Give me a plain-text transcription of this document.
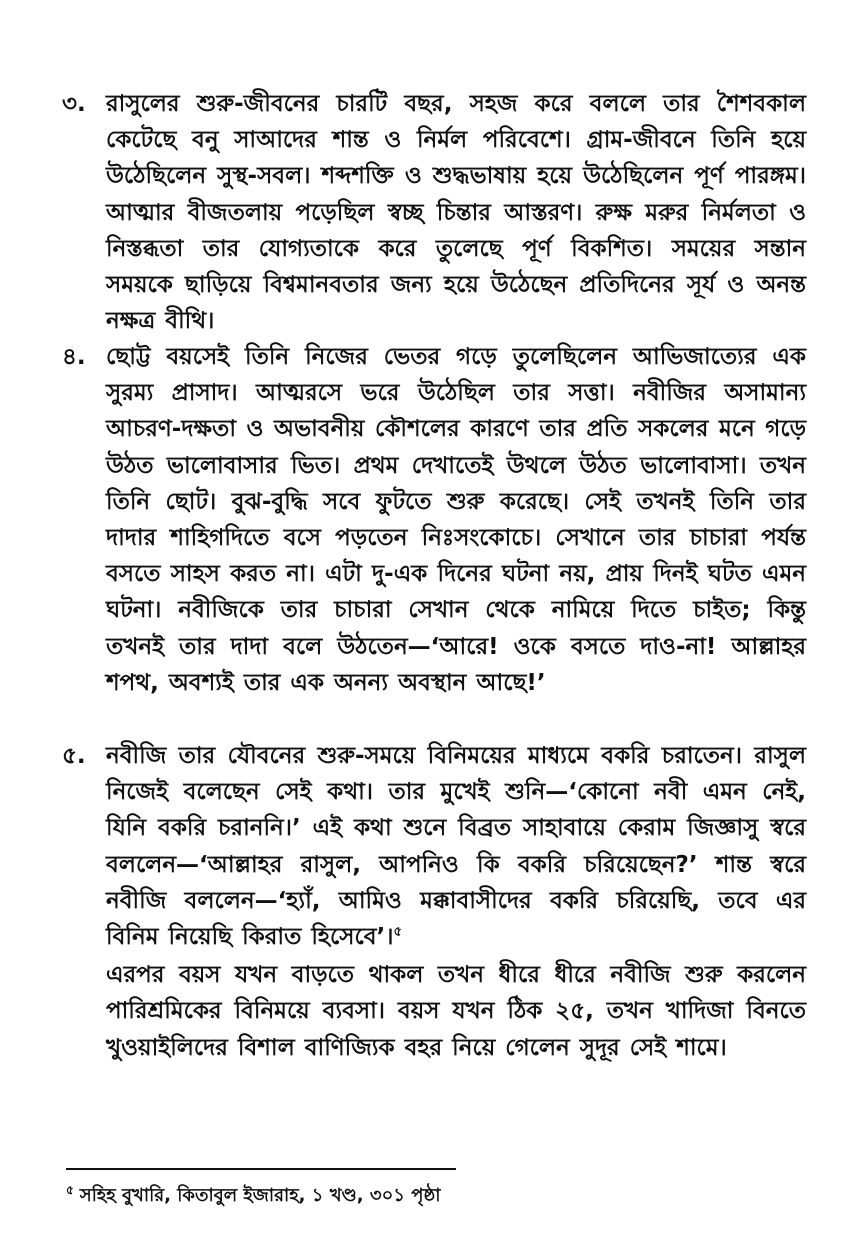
৩. রাসুলের শুরু-জীবনের চারটি বছর, সহজ করে বললে তার শৈশবকাল কেটেছে বনু সাআদের শান্ত ও নির্মল পরিবেশে। গ্রাম-জীবনে তিনি হয়ে উঠেছিলেন সুস্থ-সবল। শব্দশক্তি ও শুদ্ধভাষায় হয়ে উঠেছিলেন পূর্ণ পারঙ্গম। আত্মার বীজতলায় পড়েছিল স্বচ্ছ চিন্তার আস্তরণ। রুক্ষ মরুর নির্মলতা ও নিস্তব্ধতা তার যোগ্যতাকে করে তুলেছে পূর্ণ বিকশিত। সময়ের সন্তান সময়কে ছাড়িয়ে বিশ্বমানবতার জন্য হয়ে উঠেছেন প্রতিদিনের সূর্য ও অনন্ত নক্ষত্র বীথি।
৪. ছোট্ট বয়সেই তিনি নিজের ভেতর গড়ে তুলেছিলেন আভিজাত্যের এক সুরম্য প্রাসাদ। আত্মরসে ভরে উঠেছিল তার সত্তা। নবীজির অসামান্য আচরণ-দক্ষতা ও অভাবনীয় কৌশলের কারণে তার প্রতি সকলের মনে গড়ে উঠত ভালোবাসার ভিত। প্রথম দেখাতেই উথলে উঠত ভালোবাসা। তখন তিনি ছোট। বুঝ-বুদ্ধি সবে ফুটতে শুরু করেছে। সেই তখনই তিনি তার দাদার শাহিগদিতে বসে পড়তেন নিঃসংকোচে। সেখানে তার চাচারা পর্যন্ত বসতে সাহস করত না। এটা দু-এক দিনের ঘটনা নয়, প্রায় দিনই ঘটত এমন ঘটনা। নবীজিকে তার চাচারা সেখান থেকে নামিয়ে দিতে চাইত; কিন্তু তখনই তার দাদা বলে উঠতেন—‘আরে! ওকে বসতে দাও-না! আল্লাহর শপথ, অবশ্যই তার এক অনন্য অবস্থান আছে!’
৫. নবীজি তার যৌবনের শুরু-সময়ে বিনিময়ের মাধ্যমে বকরি চরাতেন। রাসুল নিজেই বলেছেন সেই কথা। তার মুখেই শুনি—‘কোনো নবী এমন নেই, যিনি বকরি চরাননি।’ এই কথা শুনে বিব্রত সাহাবায়ে কেরাম জিজ্ঞাসু স্বরে বললেন—‘আল্লাহর রাসুল, আপনিও কি বকরি চরিয়েছেন?’ শান্ত স্বরে নবীজি বললেন—‘হ্যাঁ, আমিও মক্কাবাসীদের বকরি চরিয়েছি, তবে এর বিনিম নিয়েছি কিরাত হিসেবে’।$^৫$
এরপর বয়স যখন বাড়তে থাকল তখন ধীরে ধীরে নবীজি শুরু করলেন পারিশ্রমিকের বিনিময়ে ব্যবসা। বয়স যখন ঠিক ২৫, তখন খাদিজা বিনতে খুওয়াইলিদের বিশাল বাণিজ্যিক বহর নিয়ে গেলেন সুদূর সেই শামে।
$^৫$ সহিহ বুখারি, কিতাবুল ইজারাহ, ১ খণ্ড, ৩০১ পৃষ্ঠা
